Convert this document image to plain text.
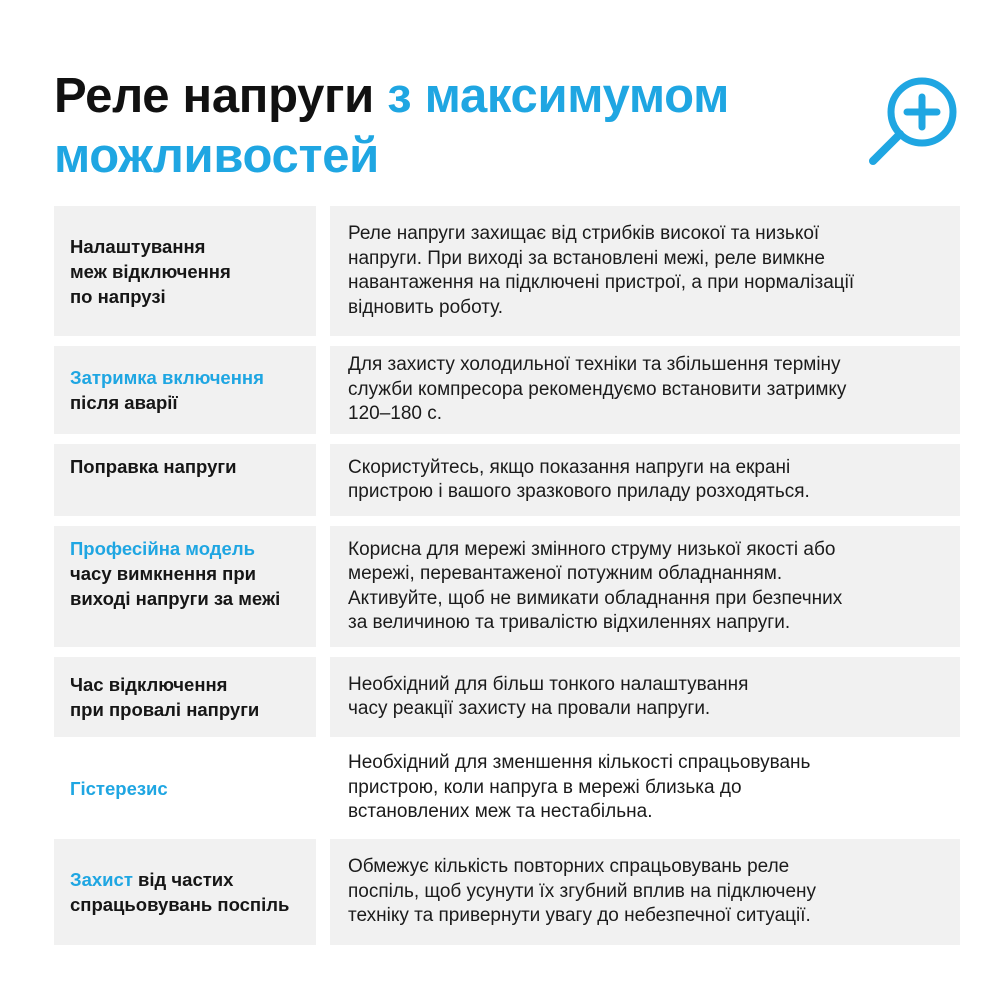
Реле напруги з максимумом
можливостей
Налаштування
меж відключення
по напрузі
Реле напруги захищає від стрибків високої та низької
напруги. При виході за встановлені межі, реле вимкне
навантаження на підключені пристрої, а при нормалізації
відновить роботу.
Затримка включення
після аварії
Для захисту холодильної техніки та збільшення терміну
служби компресора рекомендуємо встановити затримку
120–180 с.
Поправка напруги	Скористуйтесь, якщо показання напруги на екрані
пристрою і вашого зразкового приладу розходяться.
Професійна модель
часу вимкнення при
виході напруги за межі
Корисна для мережі змінного струму низької якості або
мережі, перевантаженої потужним обладнанням.
Активуйте, щоб не вимикати обладнання при безпечних
за величиною та тривалістю відхиленнях напруги.
Час відключення
при провалі напруги
Необхідний для більш тонкого налаштування
часу реакції захисту на провали напруги.
Гістерезис
Необхідний для зменшення кількості спрацьовувань
пристрою, коли напруга в мережі близька до
встановлених меж та нестабільна.
Захист від частих
спрацьовувань поспіль
Обмежує кількість повторних спрацьовувань реле
поспіль, щоб усунути їх згубний вплив на підключену
техніку та привернути увагу до небезпечної ситуації.
